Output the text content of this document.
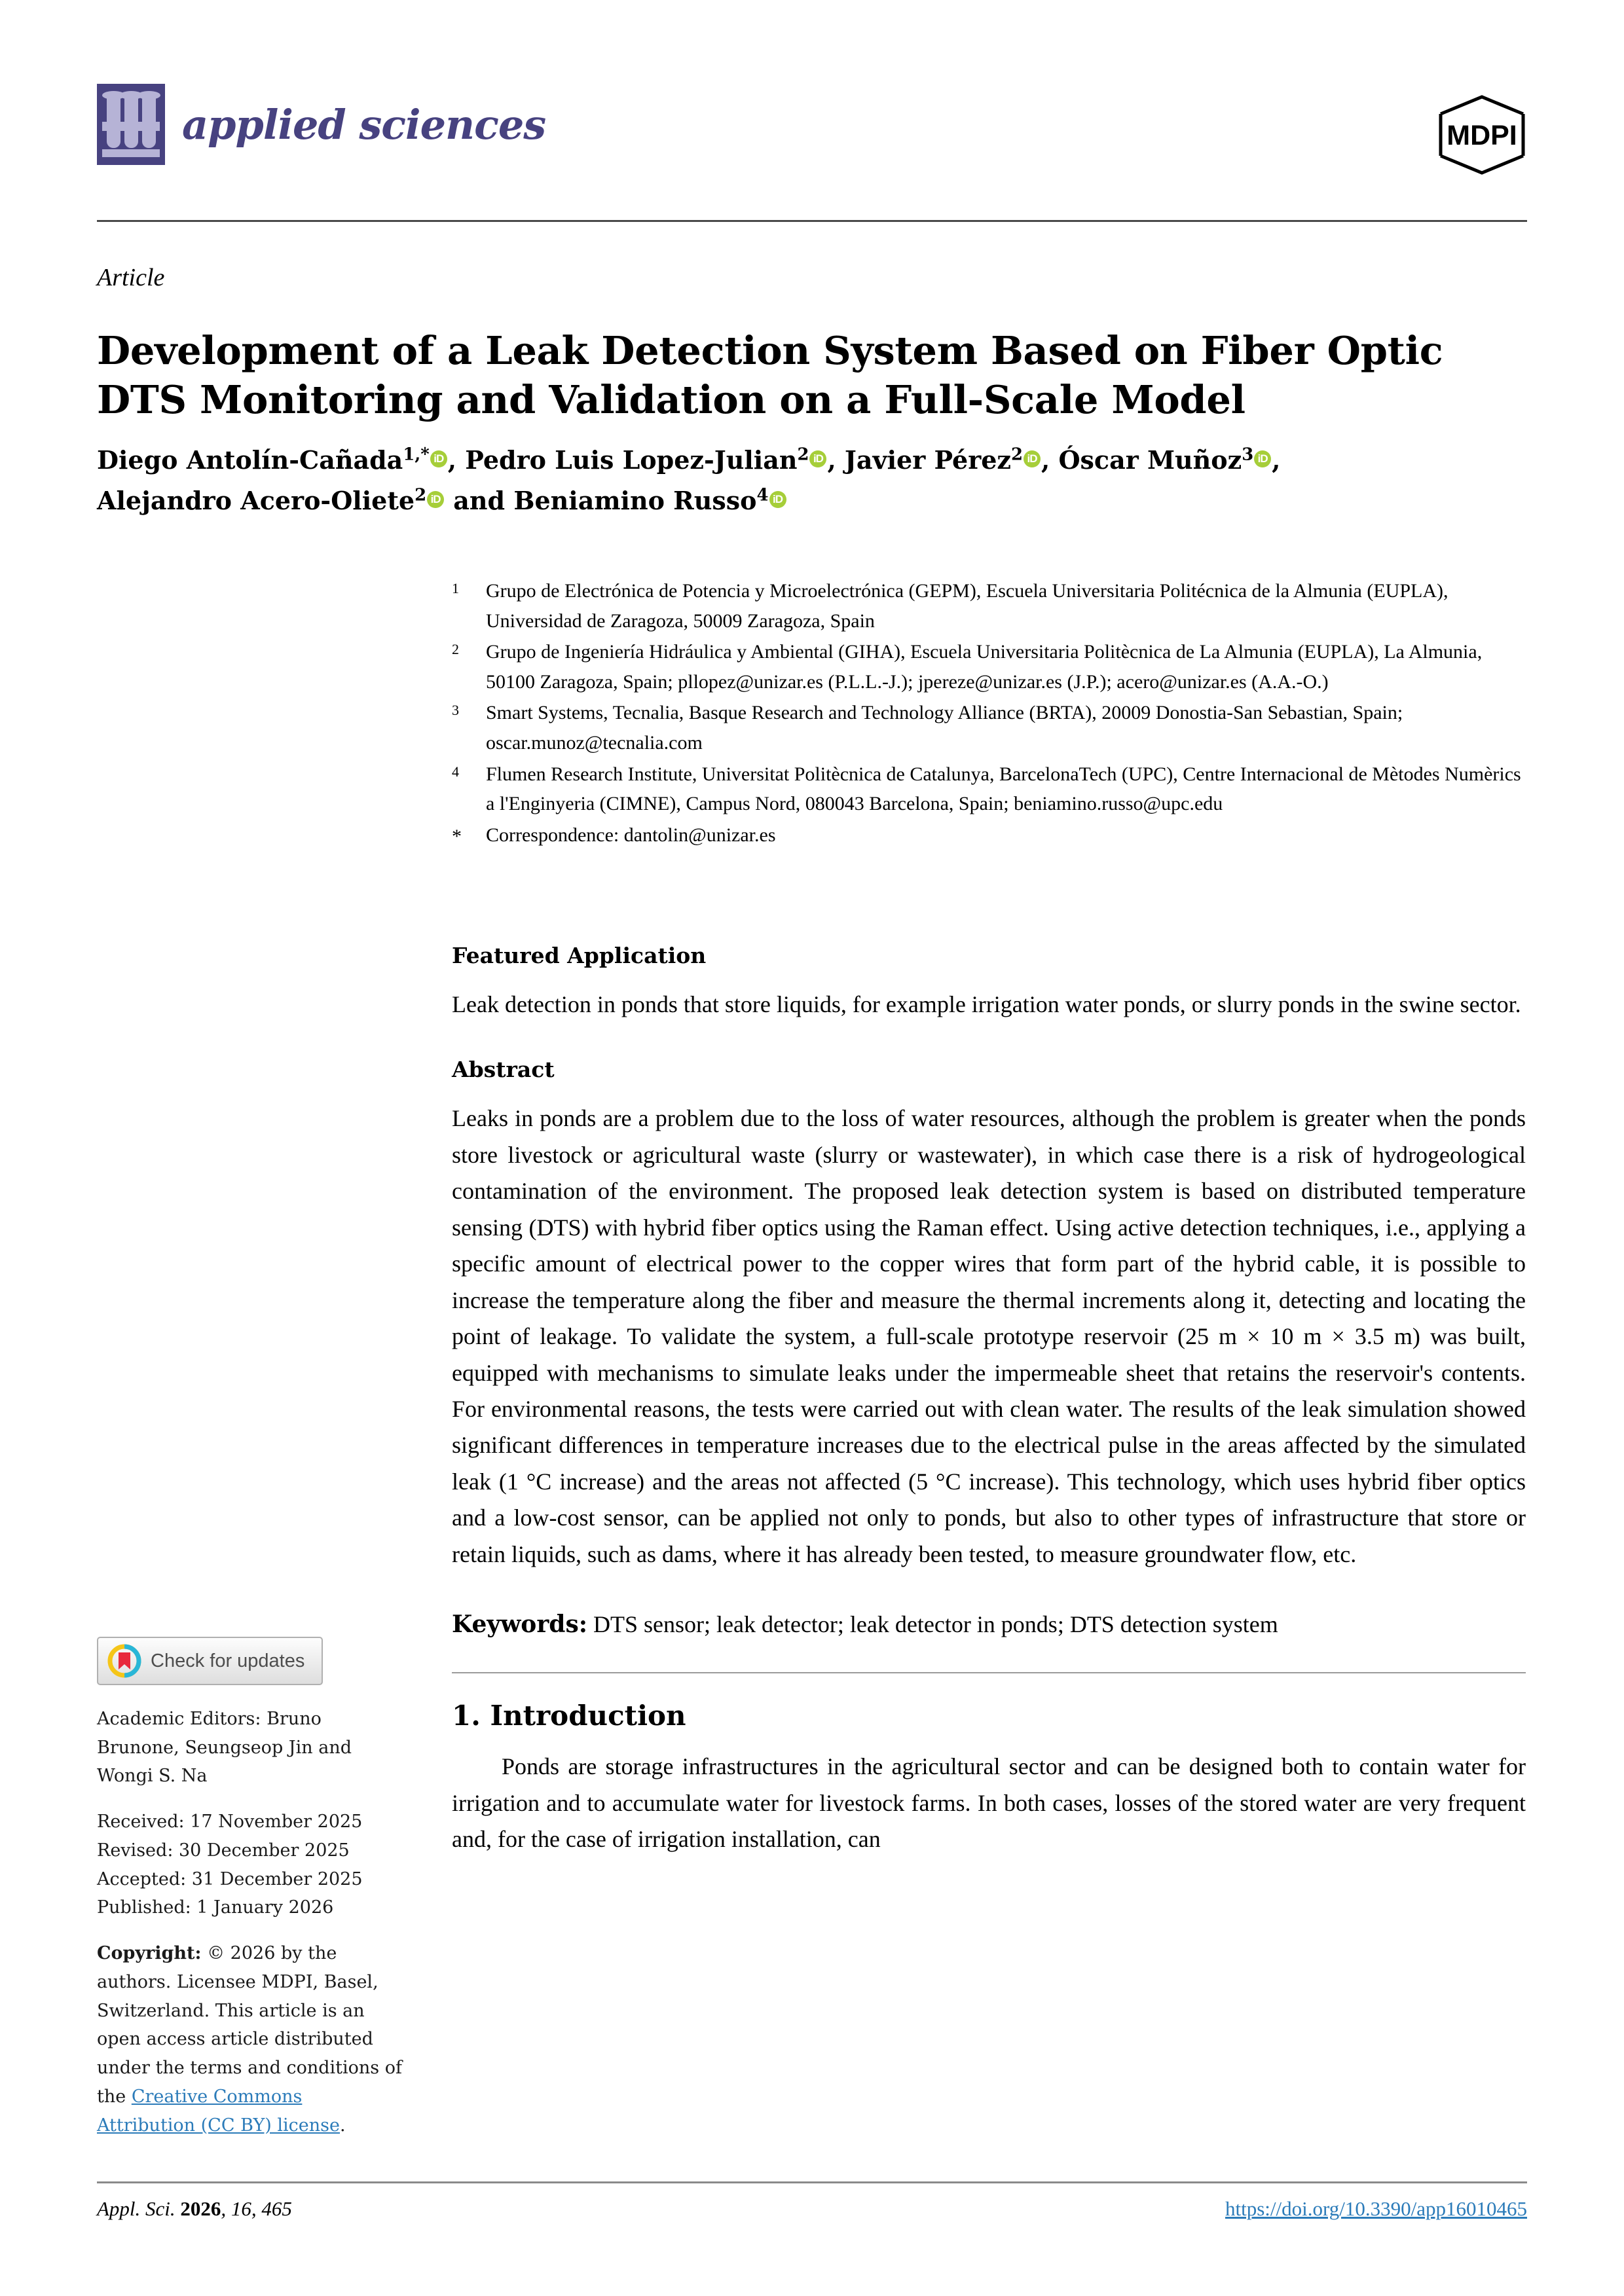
applied sciences	MDPI
Article
Development of a Leak Detection System Based on Fiber Optic DTS Monitoring and Validation on a Full-Scale Model
Diego Antolín-Cañada$^{1,*}$ iD , Pedro Luis Lopez-Julian$^2$ iD , Javier Pérez$^2$ iD , Óscar Muñoz$^3$ iD ,
Alejandro Acero-Oliete$^2$ iD and Beniamino Russo$^4$ iD
1	Grupo de Electrónica de Potencia y Microelectrónica (GEPM), Escuela Universitaria Politécnica de la Almunia (EUPLA), Universidad de Zaragoza, 50009 Zaragoza, Spain
2	Grupo de Ingeniería Hidráulica y Ambiental (GIHA), Escuela Universitaria Politècnica de La Almunia (EUPLA), La Almunia, 50100 Zaragoza, Spain; pllopez@unizar.es (P.L.L.-J.); jpereze@unizar.es (J.P.); acero@unizar.es (A.A.-O.)
3	Smart Systems, Tecnalia, Basque Research and Technology Alliance (BRTA), 20009 Donostia-San Sebastian, Spain; oscar.munoz@tecnalia.com
4	Flumen Research Institute, Universitat Politècnica de Catalunya, BarcelonaTech (UPC), Centre Internacional de Mètodes Numèrics a l'Enginyeria (CIMNE), Campus Nord, 080043 Barcelona, Spain; beniamino.russo@upc.edu
*	Correspondence: dantolin@unizar.es
Featured Application

Leak detection in ponds that store liquids, for example irrigation water ponds, or slurry ponds in the swine sector.

Abstract

Leaks in ponds are a problem due to the loss of water resources, although the problem is greater when the ponds store livestock or agricultural waste (slurry or wastewater), in which case there is a risk of hydrogeological contamination of the environment. The proposed leak detection system is based on distributed temperature sensing (DTS) with hybrid fiber optics using the Raman effect. Using active detection techniques, i.e., applying a specific amount of electrical power to the copper wires that form part of the hybrid cable, it is possible to increase the temperature along the fiber and measure the thermal increments along it, detecting and locating the point of leakage. To validate the system, a full-scale prototype reservoir (25 m × 10 m × 3.5 m) was built, equipped with mechanisms to simulate leaks under the impermeable sheet that retains the reservoir's contents. For environmental reasons, the tests were carried out with clean water. The results of the leak simulation showed significant differences in temperature increases due to the electrical pulse in the areas affected by the simulated leak (1 °C increase) and the areas not affected (5 °C increase). This technology, which uses hybrid fiber optics and a low-cost sensor, can be applied not only to ponds, but also to other types of infrastructure that store or retain liquids, such as dams, where it has already been tested, to measure groundwater flow, etc.

Keywords: DTS sensor; leak detector; leak detector in ponds; DTS detection system
1. Introduction

Ponds are storage infrastructures in the agricultural sector and can be designed both to contain water for irrigation and to accumulate water for livestock farms. In both cases, losses of the stored water are very frequent and, for the case of irrigation installation, can

Check for updates
Academic Editors: Bruno Brunone, Seungseop Jin and Wongi S. Na
Received: 17 November 2025
Revised: 30 December 2025
Accepted: 31 December 2025
Published: 1 January 2026
Copyright: © 2026 by the authors. Licensee MDPI, Basel, Switzerland. This article is an open access article distributed under the terms and conditions of the Creative Commons Attribution (CC BY) license.
Appl. Sci. 2026, 16, 465	https://doi.org/10.3390/app16010465
